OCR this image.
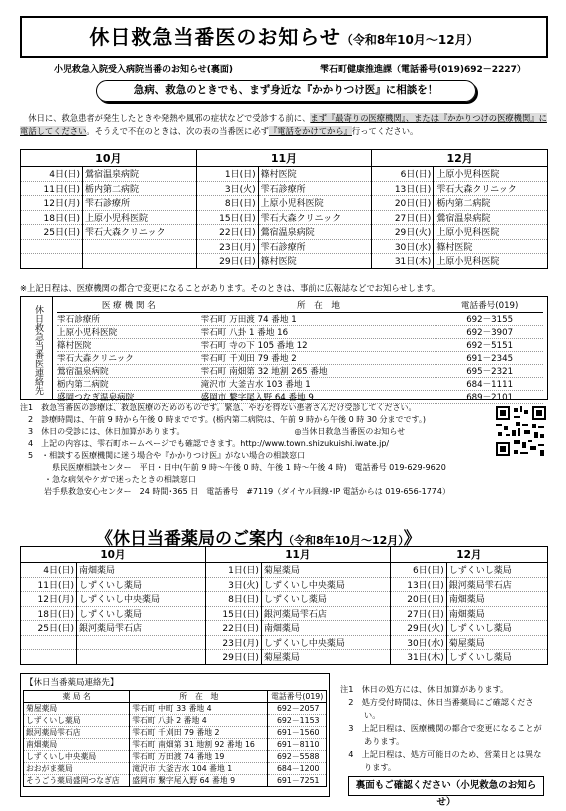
休日救急当番医のお知らせ（令和8年10月～12月）
小児救急入院受入病院当番のお知らせ(裏面)	雫石町健康推進課（電話番号(019)692－2227）
急病、救急のときでも、まず身近な『かかりつけ医』に相談を！
休日に、救急患者が発生したときや発熱や風邪の症状などで受診する前に、まず『最寄りの医療機関』、または『かかりつけの医療機関』に電話してください。そうえで不在のときは、次の表の当番医に必ず『電話をかけてから』行ってください。
10月		11月		12月	
4日(日)	鶯宿温泉病院	1日(日)	篠村医院	6日(日)	上原小児科医院
11日(日)	栃内第二病院	3日(火)	雫石診療所	13日(日)	雫石大森クリニック
12日(月)	雫石診療所	8日(日)	上原小児科医院	20日(日)	栃内第二病院
18日(日)	上原小児科医院	15日(日)	雫石大森クリニック	27日(日)	鶯宿温泉病院
25日(日)	雫石大森クリニック	22日(日)	鶯宿温泉病院	29日(火)	上原小児科医院
		23日(月)	雫石診療所	30日(水)	篠村医院
		29日(日)	篠村医院	31日(木)	上原小児科医院
※上記日程は、医療機関の都合で変更になることがあります。そのときは、事前に広報誌などでお知らせします。
休日救急当番医連絡先	医 療 機 関 名	所　在　地	電話番号(019)
雫石診療所	雫石町 万田渡 74 番地 1	692－3155
上原小児科医院	雫石町 八卦 1 番地 16	692－3907
篠村医院	雫石町 寺の下 105 番地 12	692－5151
雫石大森クリニック	雫石町 千刈田 79 番地 2	691－2345
鶯宿温泉病院	雫石町 南畑第 32 地割 265 番地	695－2321
栃内第二病院	滝沢市 大釜吉水 103 番地 1	684－1111
盛岡つなぎ温泉病院	盛岡市 繋字尾入野 64 番地 9	689－2101
注1　救急当番医の診療は、救急医療のためのものです。緊急、やむを得ない患者さんだけ受診してください。
　2　診療時間は、午前 9 時から午後 0 時までです。(栃内第二病院は、午前 9 時から午後 0 時 30 分までです。)
　3　休日の受診には、休日加算があります。	◎当休日救急当番医のお知らせ
　4　上記の内容は、雫石町ホームページでも確認できます。http://www.town.shizukuishi.iwate.jp/
　5　・相談する医療機関に迷う場合や『かかりつけ医』がない場合の相談窓口
　　　　県民医療相談センター　平日・日中(午前 9 時～午後 0 時、午後 1 時～午後 4 時)　電話番号 019-629-9620
　　　・急な病気やケガで迷ったときの相談窓口
　　　岩手県救急安心センター　24 時間･365 日　電話番号　#7119（ダイヤル回線･IP 電話からは 019-656-1774）
《休日当番薬局のご案内（令和8年10月～12月）》
10月		11月		12月	
4日(日)	南畑薬局	1日(日)	菊屋薬局	6日(日)	しずくいし薬局
11日(日)	しずくいし薬局	3日(火)	しずくいし中央薬局	13日(日)	銀河薬局雫石店
12日(月)	しずくいし中央薬局	8日(日)	しずくいし薬局	20日(日)	南畑薬局
18日(日)	しずくいし薬局	15日(日)	銀河薬局雫石店	27日(日)	南畑薬局
25日(日)	銀河薬局雫石店	22日(日)	南畑薬局	29日(火)	しずくいし薬局
		23日(月)	しずくいし中央薬局	30日(水)	菊屋薬局
		29日(日)	菊屋薬局	31日(木)	しずくいし薬局
【休日当番薬局連絡先】
薬 局 名	所　在　地	電話番号(019)
菊屋薬局	雫石町 中町 33 番地 4	692－2057
しずくいし薬局	雫石町 八卦 2 番地 4	692－1153
銀河薬局雫石店	雫石町 千刈田 79 番地 2	691－1560
南畑薬局	雫石町 南畑第 31 地割 92 番地 16	691－8110
しずくいし中央薬局	雫石町 万田渡 74 番地 19	692－5588
おおがま薬局	滝沢市 大釜吉水 104 番地 1	684－1200
そうごう薬局盛岡つなぎ店	盛岡市 繋字尾入野 64 番地 9	691－7251
注1　休日の処方には、休日加算があります。
　2　処方受付時間は、休日当番薬局にご確認ください。
　3　上記日程は、医療機関の都合で変更になることがあります。
　4　上記日程は、処方可能日のため、営業日とは異なります。
裏面もご確認ください（小児救急のお知らせ）
